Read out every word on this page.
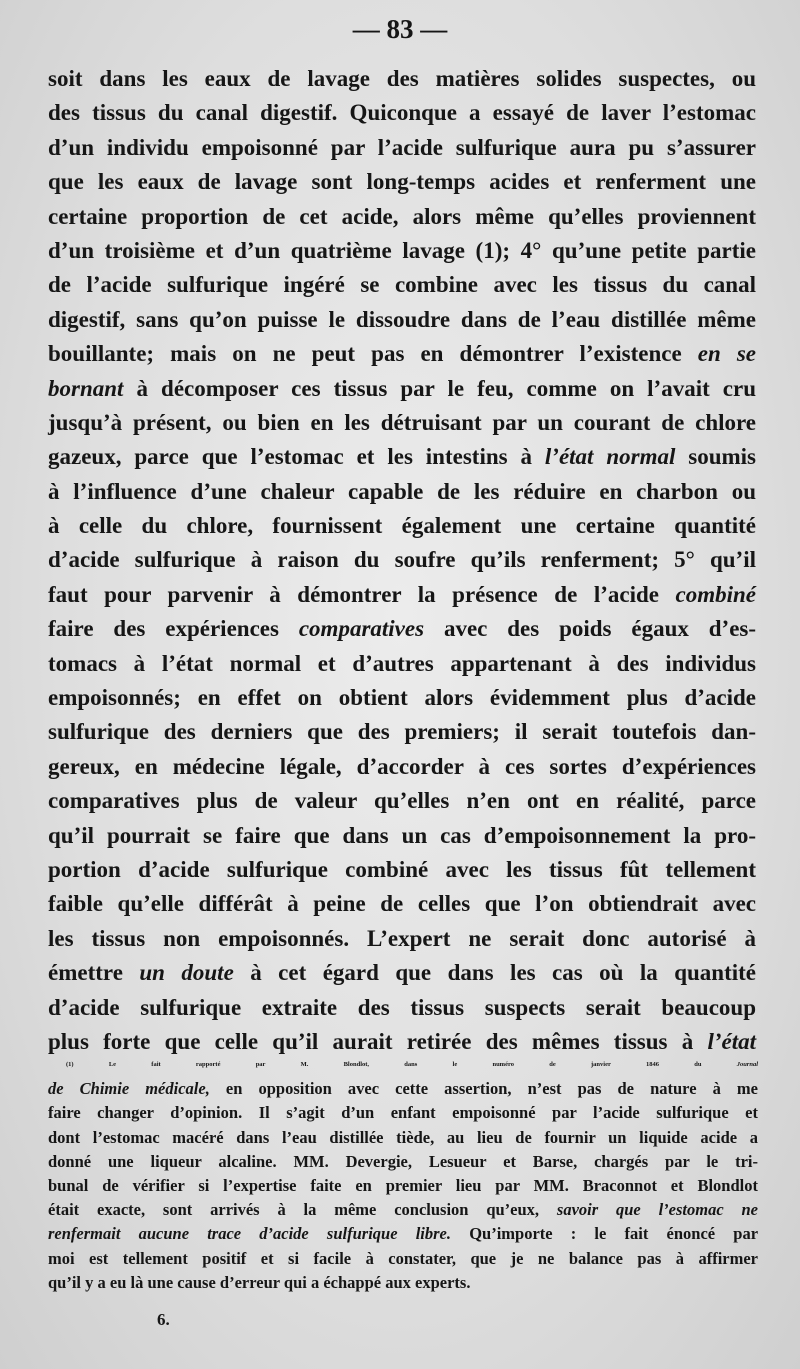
— 83 —
soit dans les eaux de lavage des matières solides suspectes, ou
des tissus du canal digestif. Quiconque a essayé de laver l’estomac
d’un individu empoisonné par l’acide sulfurique aura pu s’assurer
que les eaux de lavage sont long-temps acides et renferment une
certaine proportion de cet acide, alors même qu’elles proviennent
d’un troisième et d’un quatrième lavage (1); 4° qu’une petite partie
de l’acide sulfurique ingéré se combine avec les tissus du canal
digestif, sans qu’on puisse le dissoudre dans de l’eau distillée même
bouillante; mais on ne peut pas en démontrer l’existence en se
bornant à décomposer ces tissus par le feu, comme on l’avait cru
jusqu’à présent, ou bien en les détruisant par un courant de chlore
gazeux, parce que l’estomac et les intestins à l’état normal soumis
à l’influence d’une chaleur capable de les réduire en charbon ou
à celle du chlore, fournissent également une certaine quantité
d’acide sulfurique à raison du soufre qu’ils renferment; 5° qu’il
faut pour parvenir à démontrer la présence de l’acide combiné
faire des expériences comparatives avec des poids égaux d’es-
tomacs à l’état normal et d’autres appartenant à des individus
empoisonnés; en effet on obtient alors évidemment plus d’acide
sulfurique des derniers que des premiers; il serait toutefois dan-
gereux, en médecine légale, d’accorder à ces sortes d’expériences
comparatives plus de valeur qu’elles n’en ont en réalité, parce
qu’il pourrait se faire que dans un cas d’empoisonnement la pro-
portion d’acide sulfurique combiné avec les tissus fût tellement
faible qu’elle différât à peine de celles que l’on obtiendrait avec
les tissus non empoisonnés. L’expert ne serait donc autorisé à
émettre un doute à cet égard que dans les cas où la quantité
d’acide sulfurique extraite des tissus suspects serait beaucoup
plus forte que celle qu’il aurait retirée des mêmes tissus à l’état
(1) Le fait rapporté par M. Blondlot, dans le numéro de janvier 1846 du	Journal
de Chimie médicale, en opposition avec cette assertion, n’est pas de nature à me
faire changer d’opinion. Il s’agit d’un enfant empoisonné par l’acide sulfurique et
dont l’estomac macéré dans l’eau distillée tiède, au lieu de fournir un liquide acide a
donné une liqueur alcaline. MM. Devergie, Lesueur et Barse, chargés par le tri-
bunal de vérifier si l’expertise faite en premier lieu par MM. Braconnot et Blondlot
était exacte, sont arrivés à la même conclusion qu’eux, savoir que l’estomac ne
renfermait aucune trace d’acide sulfurique libre. Qu’importe : le fait énoncé par
moi est tellement positif et si facile à constater, que je ne balance pas à affirmer
qu’il y a eu là une cause d’erreur qui a échappé aux experts.
6.
